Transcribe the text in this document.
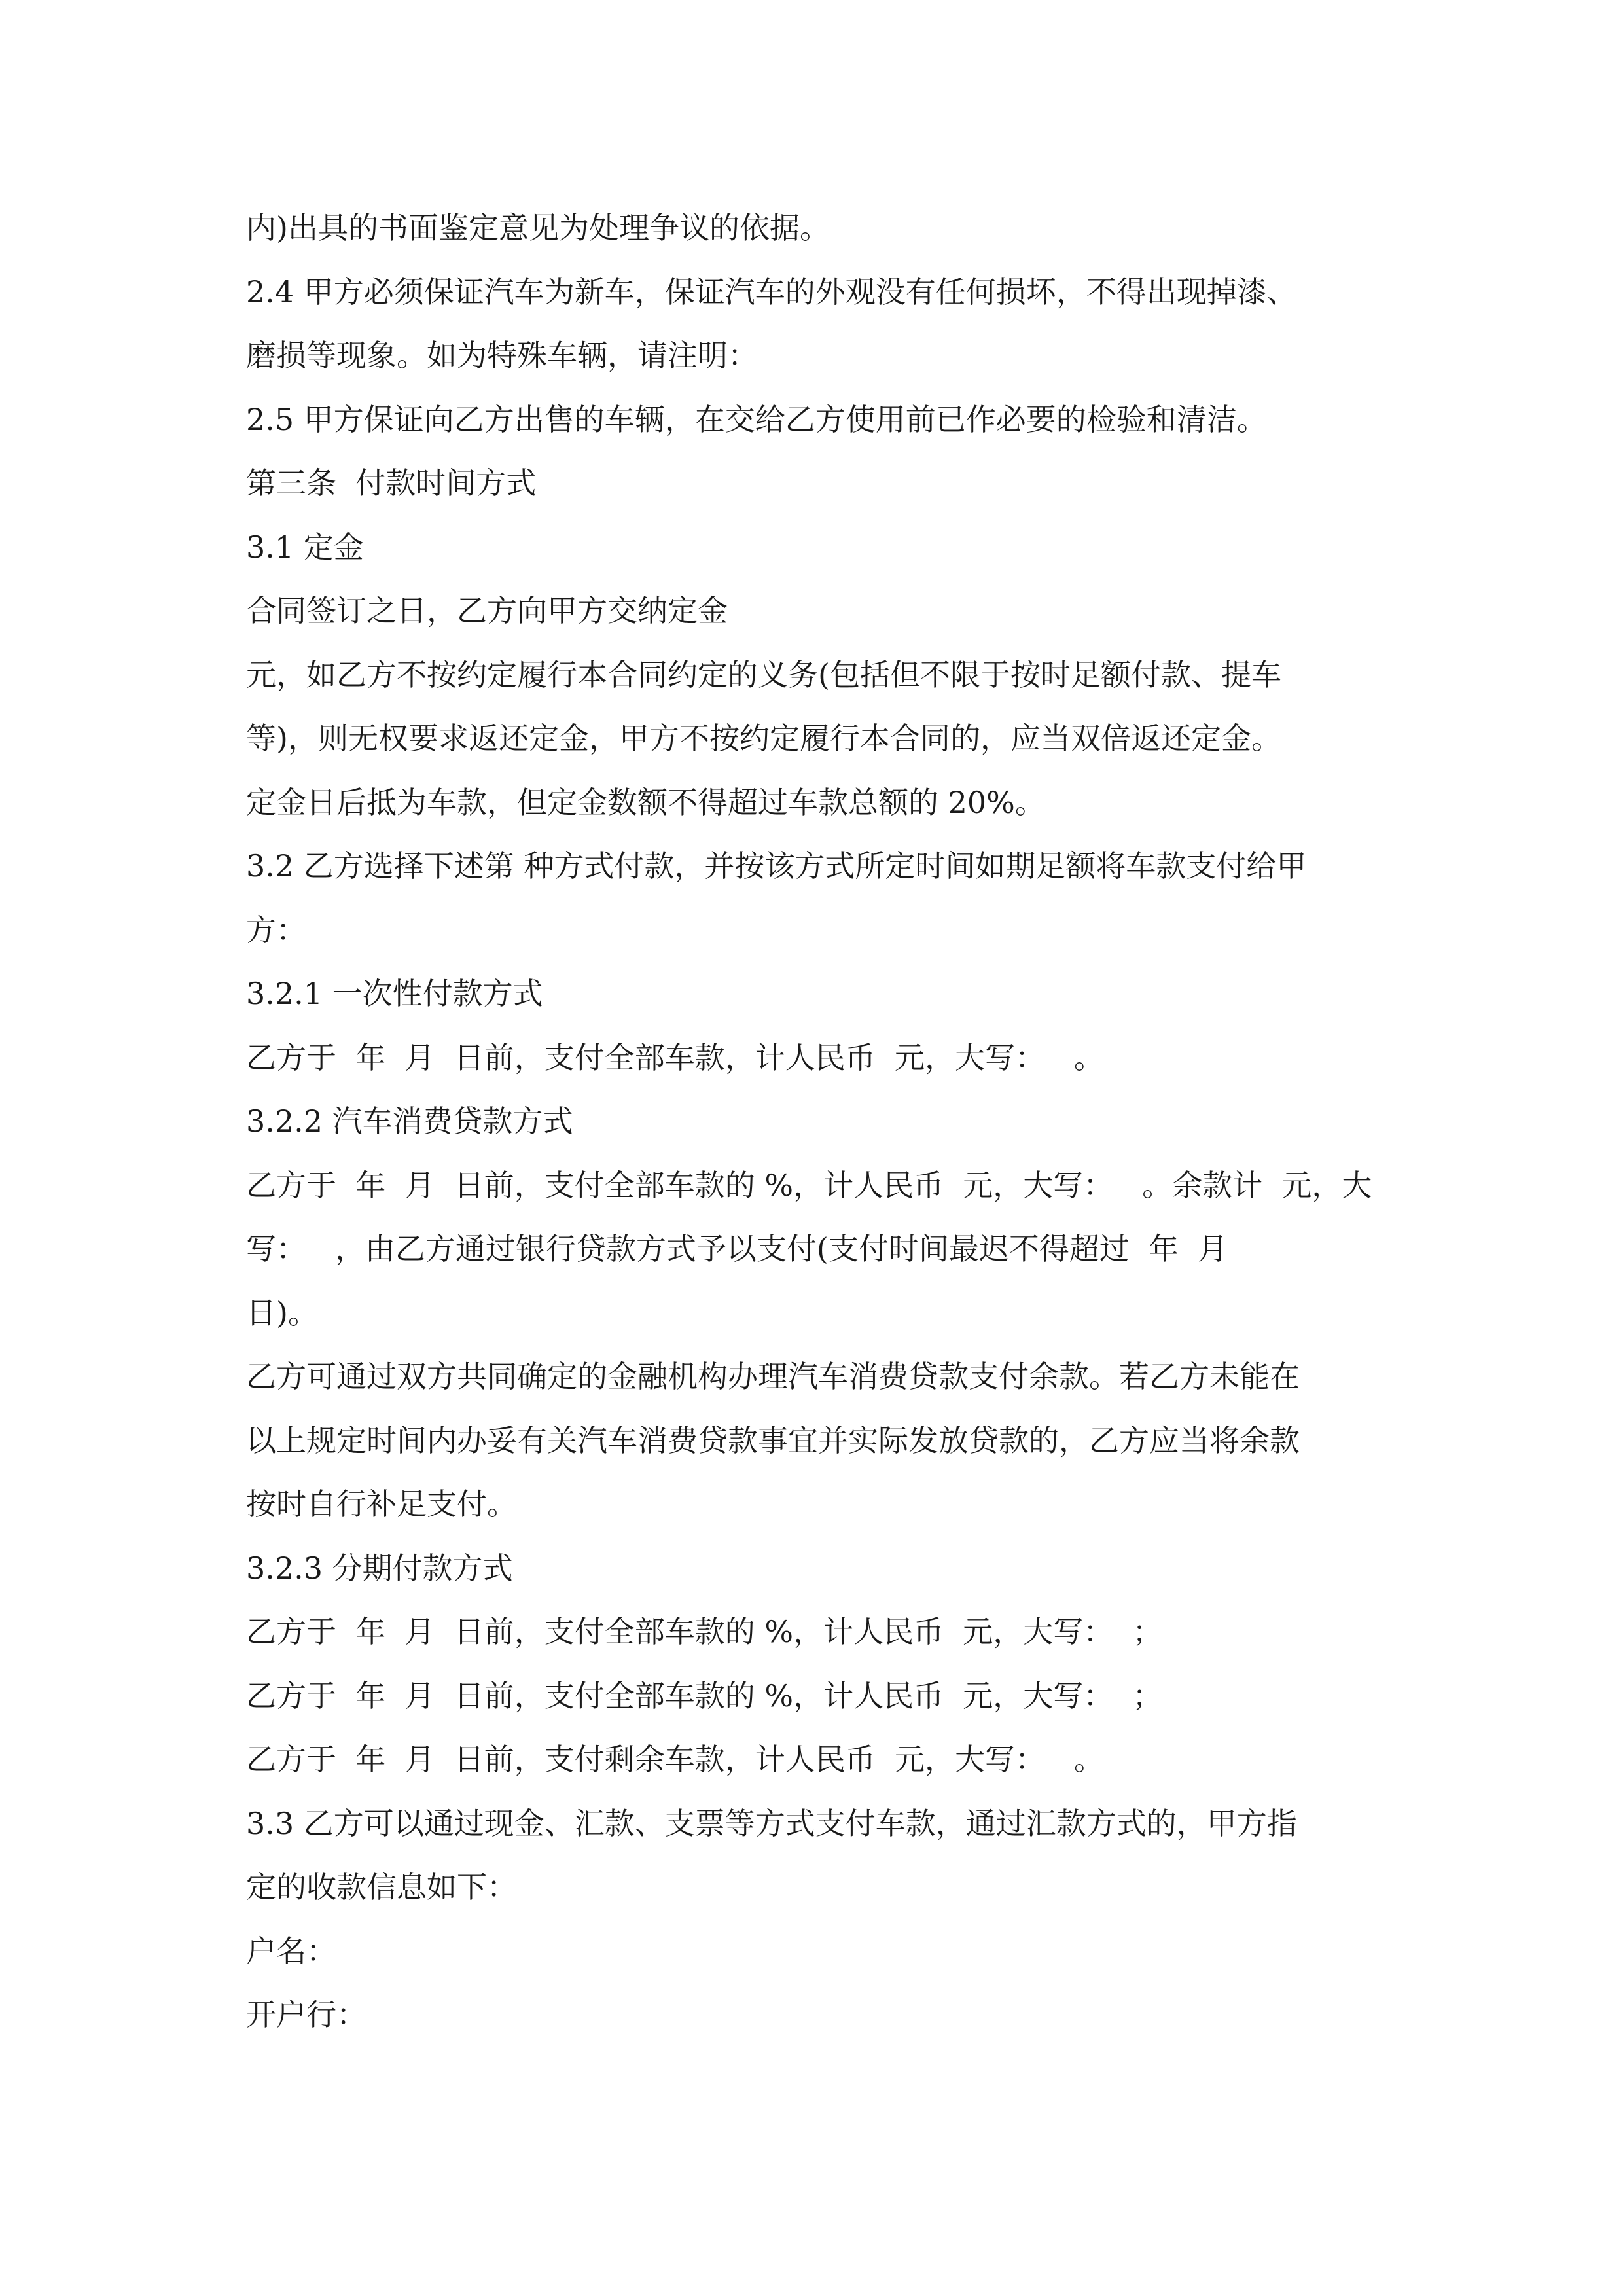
内)出具的书面鉴定意见为处理争议的依据。
2.4 甲方必须保证汽车为新车，保证汽车的外观没有任何损坏，不得出现掉漆、
磨损等现象。如为特殊车辆，请注明：
2.5 甲方保证向乙方出售的车辆，在交给乙方使用前已作必要的检验和清洁。
第三条  付款时间方式
3.1 定金
合同签订之日，乙方向甲方交纳定金
元，如乙方不按约定履行本合同约定的义务(包括但不限于按时足额付款、提车
等)，则无权要求返还定金，甲方不按约定履行本合同的，应当双倍返还定金。
定金日后抵为车款，但定金数额不得超过车款总额的 20%。
3.2 乙方选择下述第 种方式付款，并按该方式所定时间如期足额将车款支付给甲
方：
3.2.1 一次性付款方式
乙方于  年  月  日前，支付全部车款，计人民币  元，大写：   。
3.2.2 汽车消费贷款方式
乙方于  年  月  日前，支付全部车款的 %，计人民币  元，大写：   。余款计  元，大
写：   ，由乙方通过银行贷款方式予以支付(支付时间最迟不得超过  年  月
日)。
乙方可通过双方共同确定的金融机构办理汽车消费贷款支付余款。若乙方未能在
以上规定时间内办妥有关汽车消费贷款事宜并实际发放贷款的，乙方应当将余款
按时自行补足支付。
3.2.3 分期付款方式
乙方于  年  月  日前，支付全部车款的 %，计人民币  元，大写：  ；
乙方于  年  月  日前，支付全部车款的 %，计人民币  元，大写：  ；
乙方于  年  月  日前，支付剩余车款，计人民币  元，大写：   。
3.3 乙方可以通过现金、汇款、支票等方式支付车款，通过汇款方式的，甲方指
定的收款信息如下：
户名：
开户行：
